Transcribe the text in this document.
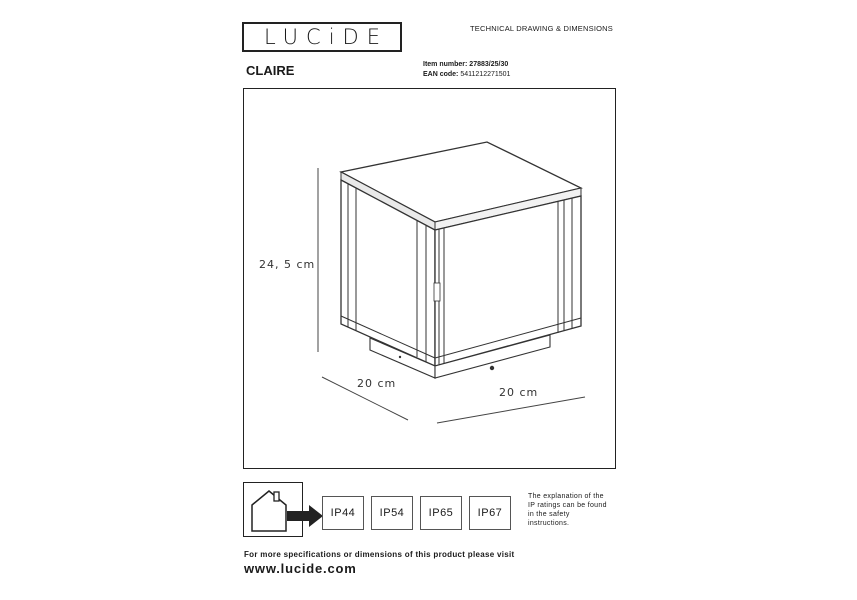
LUCiDE	TECHNICAL DRAWING & DIMENSIONS
CLAIRE	Item number: 27883/25/30
EAN code: 5411212271501
24, 5 cm
20 cm
20 cm
IP44	IP54	IP65	IP67
The explanation of the
IP ratings can be found
in the safety
instructions.
For more specifications or dimensions of this product please visit
www.lucide.com
